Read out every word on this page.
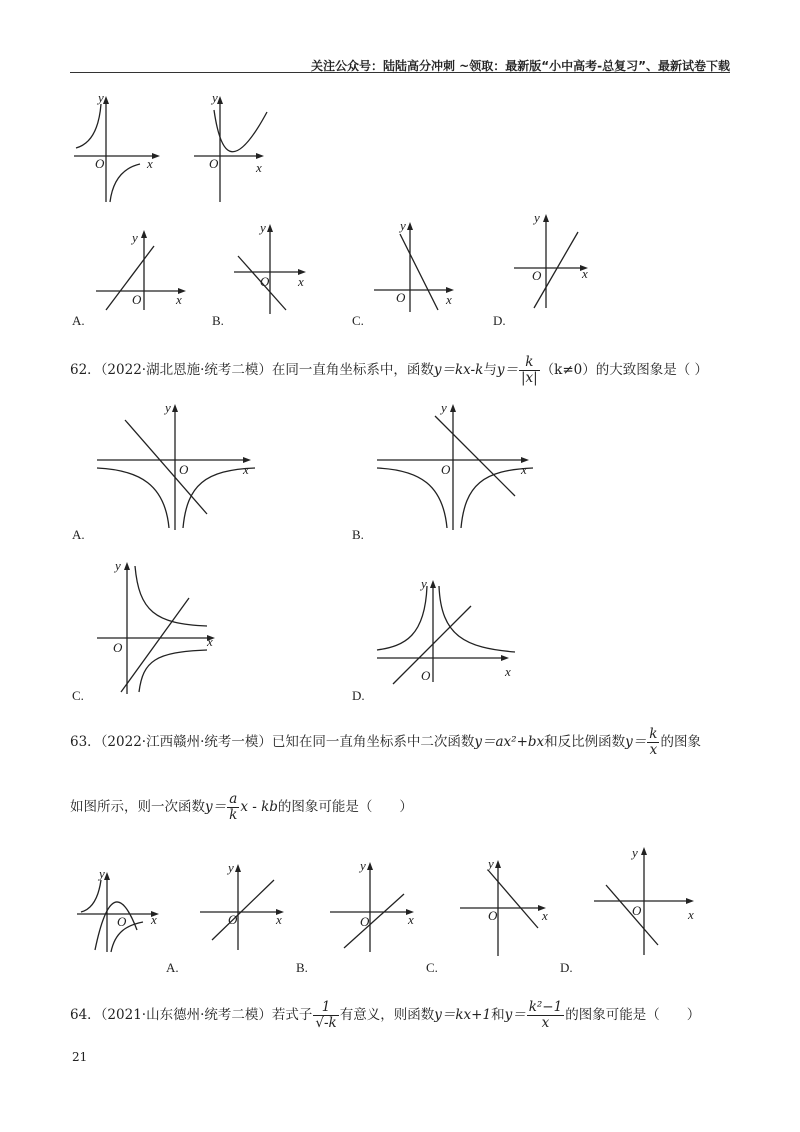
关注公众号：陆陆高分冲刺 ~领取：最新版“小中高考-总复习”、最新试卷下载
y
O	x
y
O	x
y
O	x
y
O x
y
O	x
y
O	x
A.	B.	C.	D.
62．（2022·湖北恩施·统考二模）在同一直角坐标系中，函数y＝kx-k与$y= \frac{k}{|x|} (k\ne 0)$的大致图象是（ ）
y
O	x
y
O	x
A.	B.
y
O	x
y
O	x
C.	D.
63．（2022·江西赣州·统考一模）已知在同一直角坐标系中二次函数y＝ax²+bx和反比例函数$y= \frac{k}{x}$ 的图象
如图所示，则一次函数$y= \frac{a}{k}$ x - kb的图象可能是（　　）
y
O x
y
O	x
y
O	x
y
O	x
y
O	x
A.	B.	C.	D.
64．（2021·山东德州·统考二模）若式子 $\frac{1}{√-k}$ 有意义，则函数y＝kx+1和$y= \frac{\text{k²−1}}{x}$ 的图象可能是（　　）
21
